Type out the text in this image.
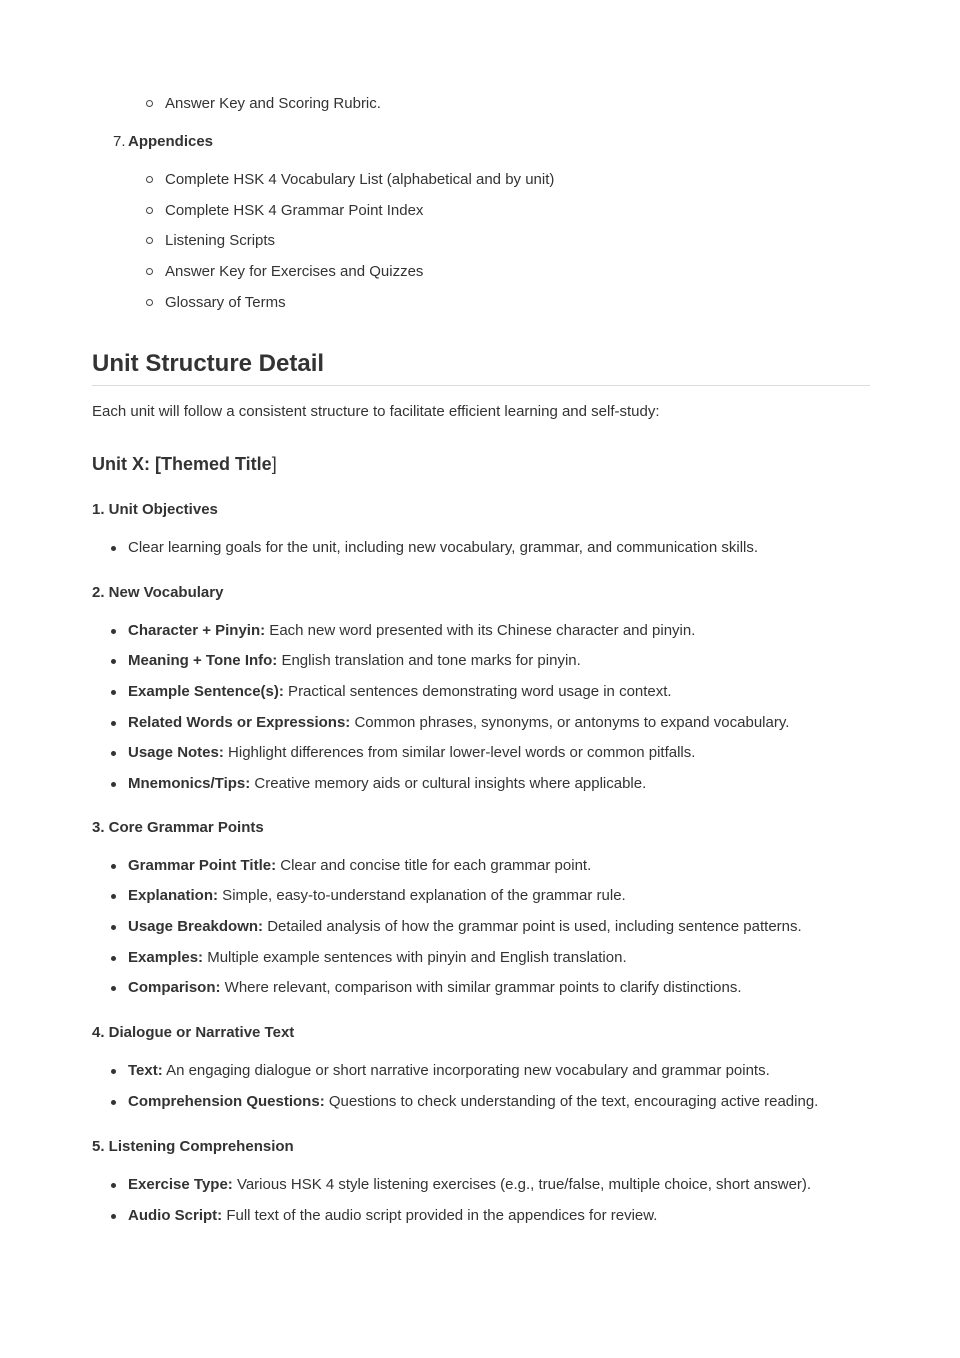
Answer Key and Scoring Rubric.
7. Appendices
Complete HSK 4 Vocabulary List (alphabetical and by unit)
Complete HSK 4 Grammar Point Index
Listening Scripts
Answer Key for Exercises and Quizzes
Glossary of Terms
Unit Structure Detail
Each unit will follow a consistent structure to facilitate efficient learning and self-study:
Unit X: [Themed Title]
1. Unit Objectives
Clear learning goals for the unit, including new vocabulary, grammar, and communication skills.
2. New Vocabulary
Character + Pinyin: Each new word presented with its Chinese character and pinyin.
Meaning + Tone Info: English translation and tone marks for pinyin.
Example Sentence(s): Practical sentences demonstrating word usage in context.
Related Words or Expressions: Common phrases, synonyms, or antonyms to expand vocabulary.
Usage Notes: Highlight differences from similar lower-level words or common pitfalls.
Mnemonics/Tips: Creative memory aids or cultural insights where applicable.
3. Core Grammar Points
Grammar Point Title: Clear and concise title for each grammar point.
Explanation: Simple, easy-to-understand explanation of the grammar rule.
Usage Breakdown: Detailed analysis of how the grammar point is used, including sentence patterns.
Examples: Multiple example sentences with pinyin and English translation.
Comparison: Where relevant, comparison with similar grammar points to clarify distinctions.
4. Dialogue or Narrative Text
Text: An engaging dialogue or short narrative incorporating new vocabulary and grammar points.
Comprehension Questions: Questions to check understanding of the text, encouraging active reading.
5. Listening Comprehension
Exercise Type: Various HSK 4 style listening exercises (e.g., true/false, multiple choice, short answer).
Audio Script: Full text of the audio script provided in the appendices for review.
